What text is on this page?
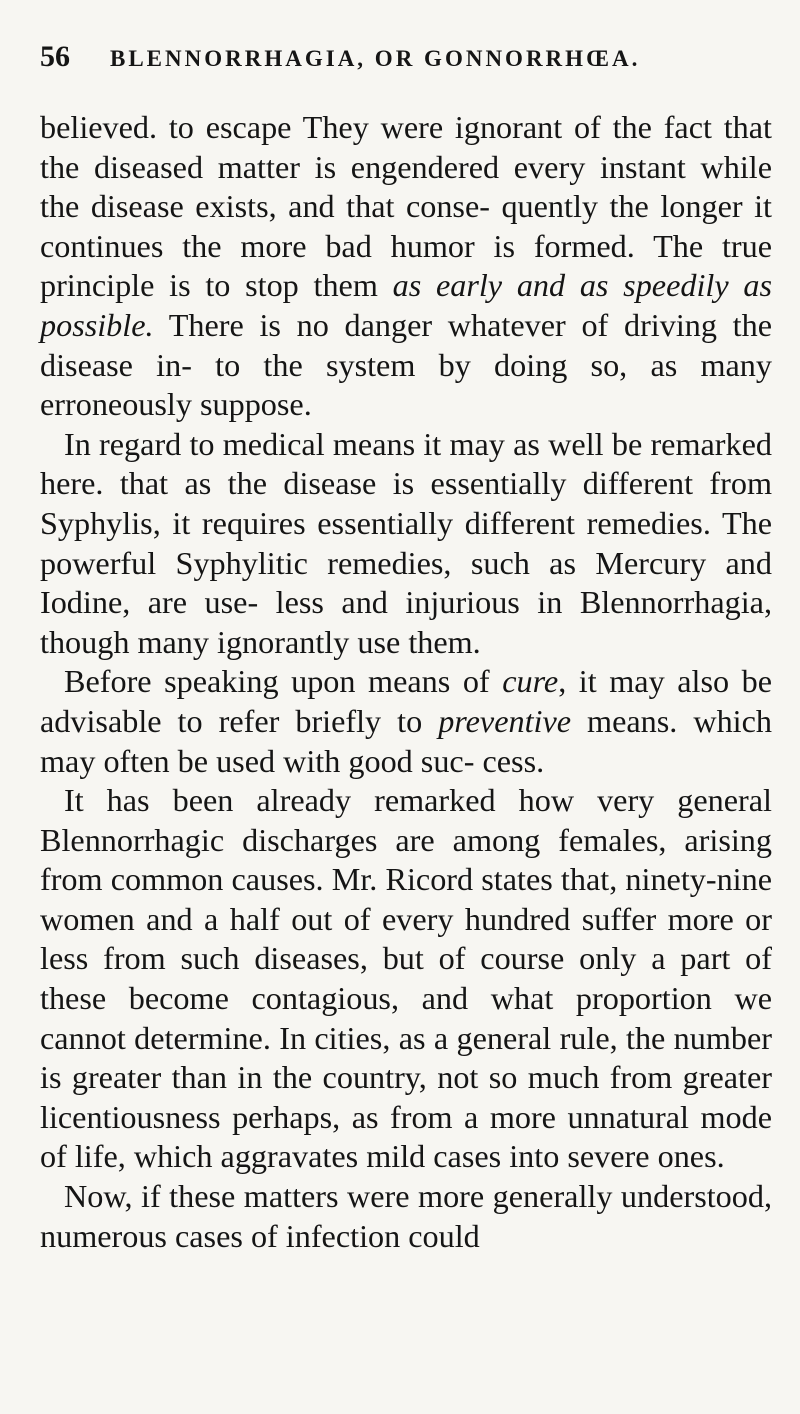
56 BLENNORRHAGIA, OR GONNORRHŒA.

believed. to escape They were ignorant of the fact that the diseased matter is engendered every instant while the disease exists, and that conse- quently the longer it continues the more bad humor is formed. The true principle is to stop them as early and as speedily as possible. There is no danger whatever of driving the disease in- to the system by doing so, as many erroneously suppose.

In regard to medical means it may as well be remarked here. that as the disease is essentially different from Syphylis, it requires essentially different remedies. The powerful Syphylitic remedies, such as Mercury and Iodine, are use- less and injurious in Blennorrhagia, though many ignorantly use them.

Before speaking upon means of cure, it may also be advisable to refer briefly to preventive means. which may often be used with good suc- cess.

It has been already remarked how very general Blennorrhagic discharges are among females, arising from common causes. Mr. Ricord states that, ninety-nine women and a half out of every hundred suffer more or less from such diseases, but of course only a part of these become contagious, and what proportion we cannot determine. In cities, as a general rule, the number is greater than in the country, not so much from greater licentiousness perhaps, as from a more unnatural mode of life, which aggravates mild cases into severe ones.

Now, if these matters were more generally understood, numerous cases of infection could
